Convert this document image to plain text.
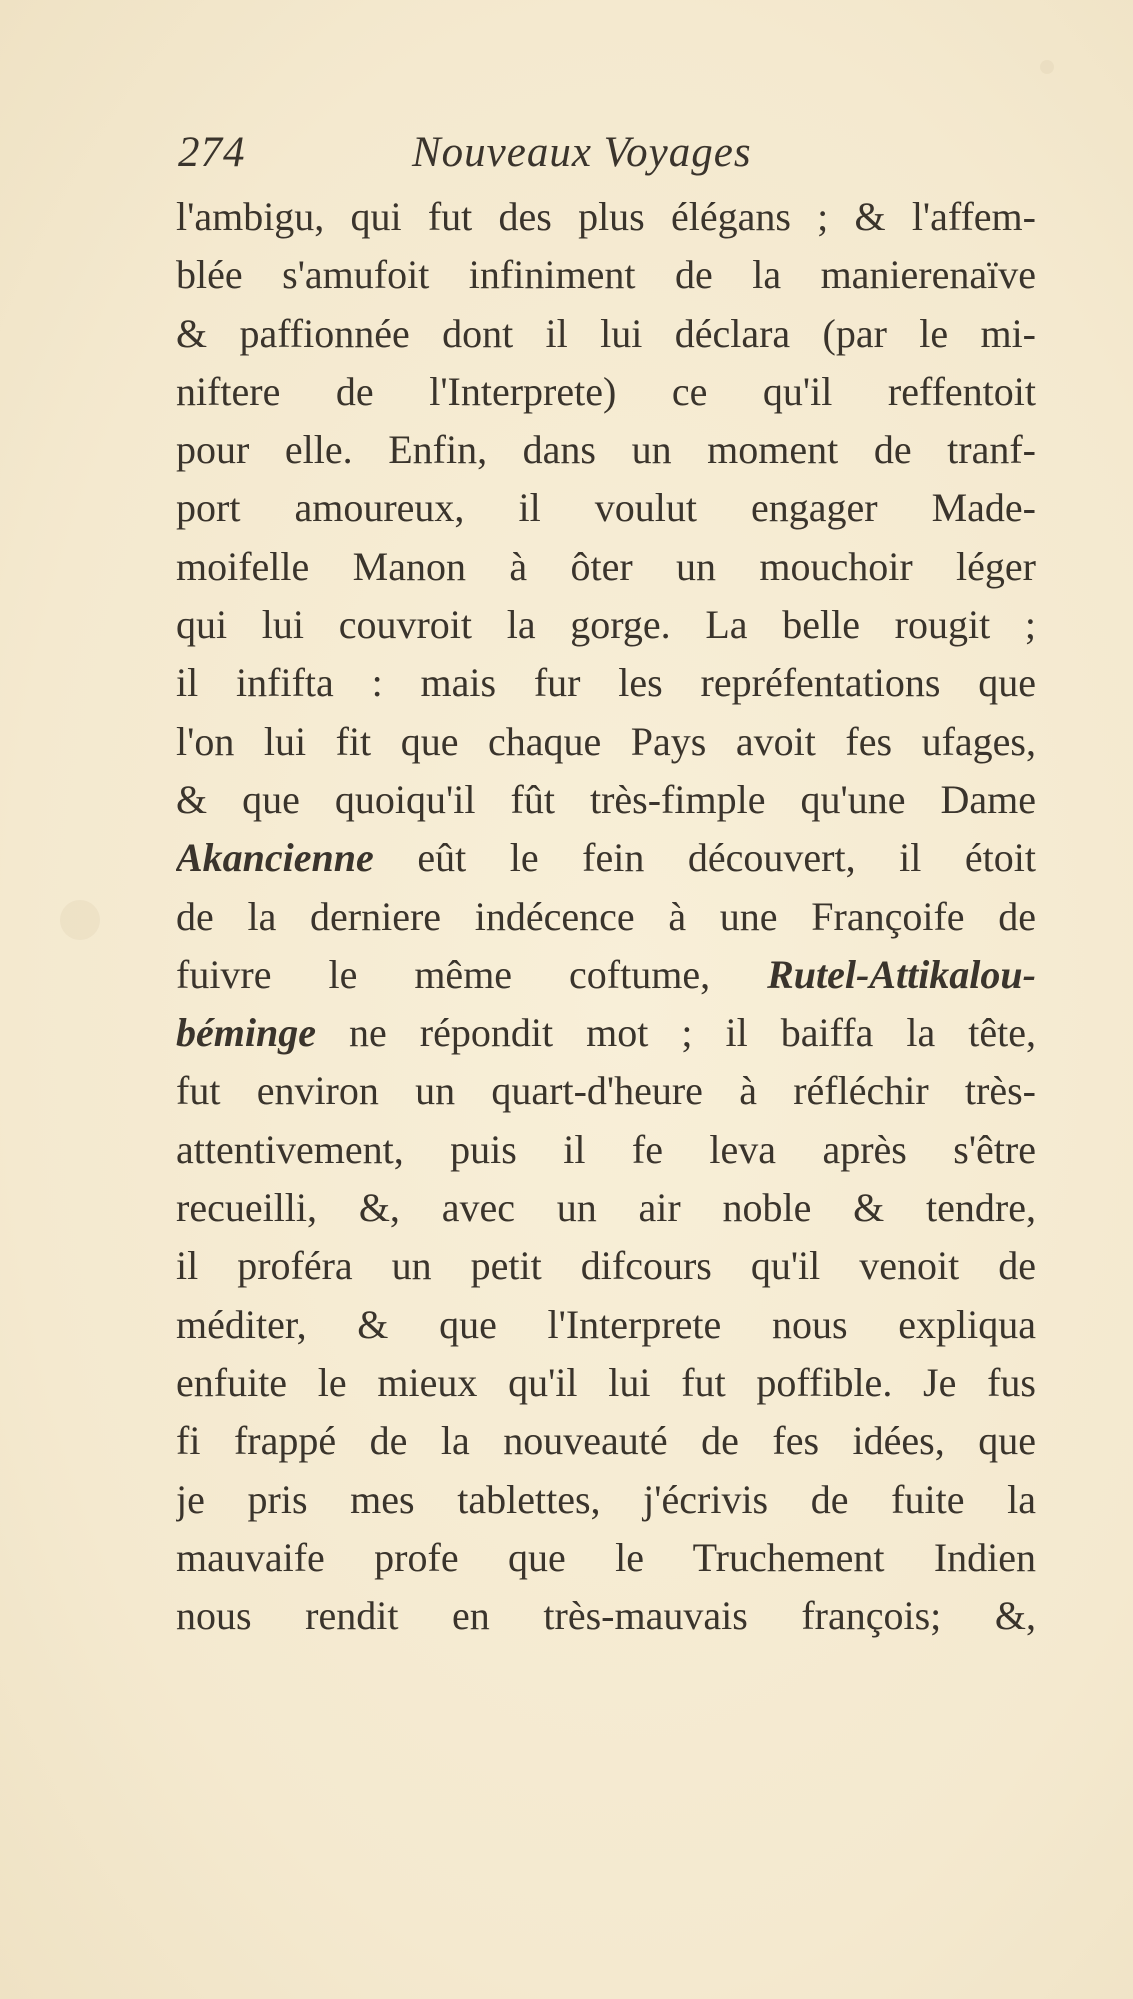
274	Nouveaux Voyages
l'ambigu, qui fut des plus élégans ; & l'affem-
blée s'amufoit infiniment de la manierenaïve
& paffionnée dont il lui déclara (par le mi-
niftere de l'Interprete) ce qu'il reffentoit
pour elle. Enfin, dans un moment de tranf-
port amoureux, il voulut engager Made-
moifelle Manon à ôter un mouchoir léger
qui lui couvroit la gorge. La belle rougit ;
il infifta : mais fur les repréfentations que
l'on lui fit que chaque Pays avoit fes ufages,
& que quoiqu'il fût très-fimple qu'une Dame
Akancienne eût le fein découvert, il étoit
de la derniere indécence à une Françoife de
fuivre le même coftume, Rutel-Attikalou-
béminge ne répondit mot ; il baiffa la tête,
fut environ un quart-d'heure à réfléchir très-
attentivement, puis il fe leva après s'être
recueilli, &, avec un air noble & tendre,
il proféra un petit difcours qu'il venoit de
méditer, & que l'Interprete nous expliqua
enfuite le mieux qu'il lui fut poffible. Je fus
fi frappé de la nouveauté de fes idées, que
je pris mes tablettes, j'écrivis de fuite la
mauvaife profe que le Truchement Indien
nous rendit en très-mauvais françois; &,
